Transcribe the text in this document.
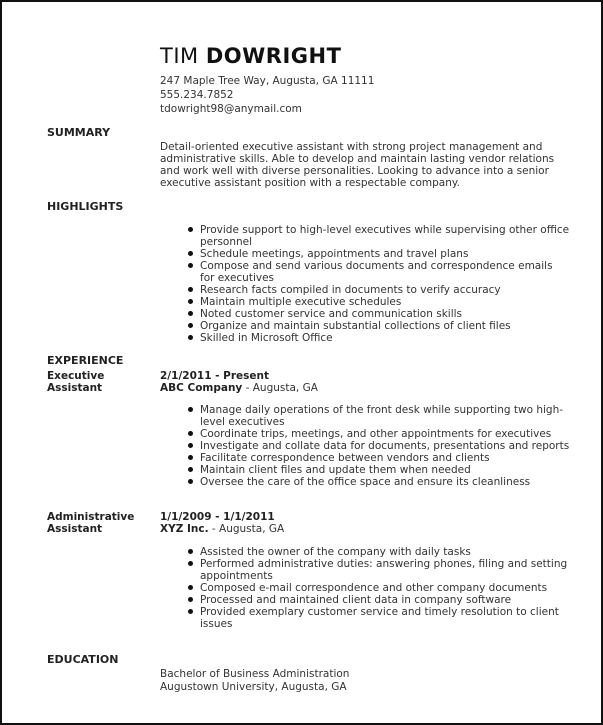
TIM DOWRIGHT
247 Maple Tree Way, Augusta, GA 11111
555.234.7852
tdowright98@anymail.com
SUMMARY
Detail-oriented executive assistant with strong project management and administrative skills. Able to develop and maintain lasting vendor relations and work well with diverse personalities. Looking to advance into a senior executive assistant position with a respectable company.
HIGHLIGHTS
Provide support to high-level executives while supervising other office personnel
Schedule meetings, appointments and travel plans
Compose and send various documents and correspondence emails for executives
Research facts compiled in documents to verify accuracy
Maintain multiple executive schedules
Noted customer service and communication skills
Organize and maintain substantial collections of client files
Skilled in Microsoft Office
EXPERIENCE
Executive Assistant
2/1/2011 - Present
ABC Company - Augusta, GA
Manage daily operations of the front desk while supporting two high-level executives
Coordinate trips, meetings, and other appointments for executives
Investigate and collate data for documents, presentations and reports
Facilitate correspondence between vendors and clients
Maintain client files and update them when needed
Oversee the care of the office space and ensure its cleanliness
Administrative Assistant
1/1/2009 - 1/1/2011
XYZ Inc. - Augusta, GA
Assisted the owner of the company with daily tasks
Performed administrative duties: answering phones, filing and setting appointments
Composed e-mail correspondence and other company documents
Processed and maintained client data in company software
Provided exemplary customer service and timely resolution to client issues
EDUCATION
Bachelor of Business Administration
Augustown University, Augusta, GA
